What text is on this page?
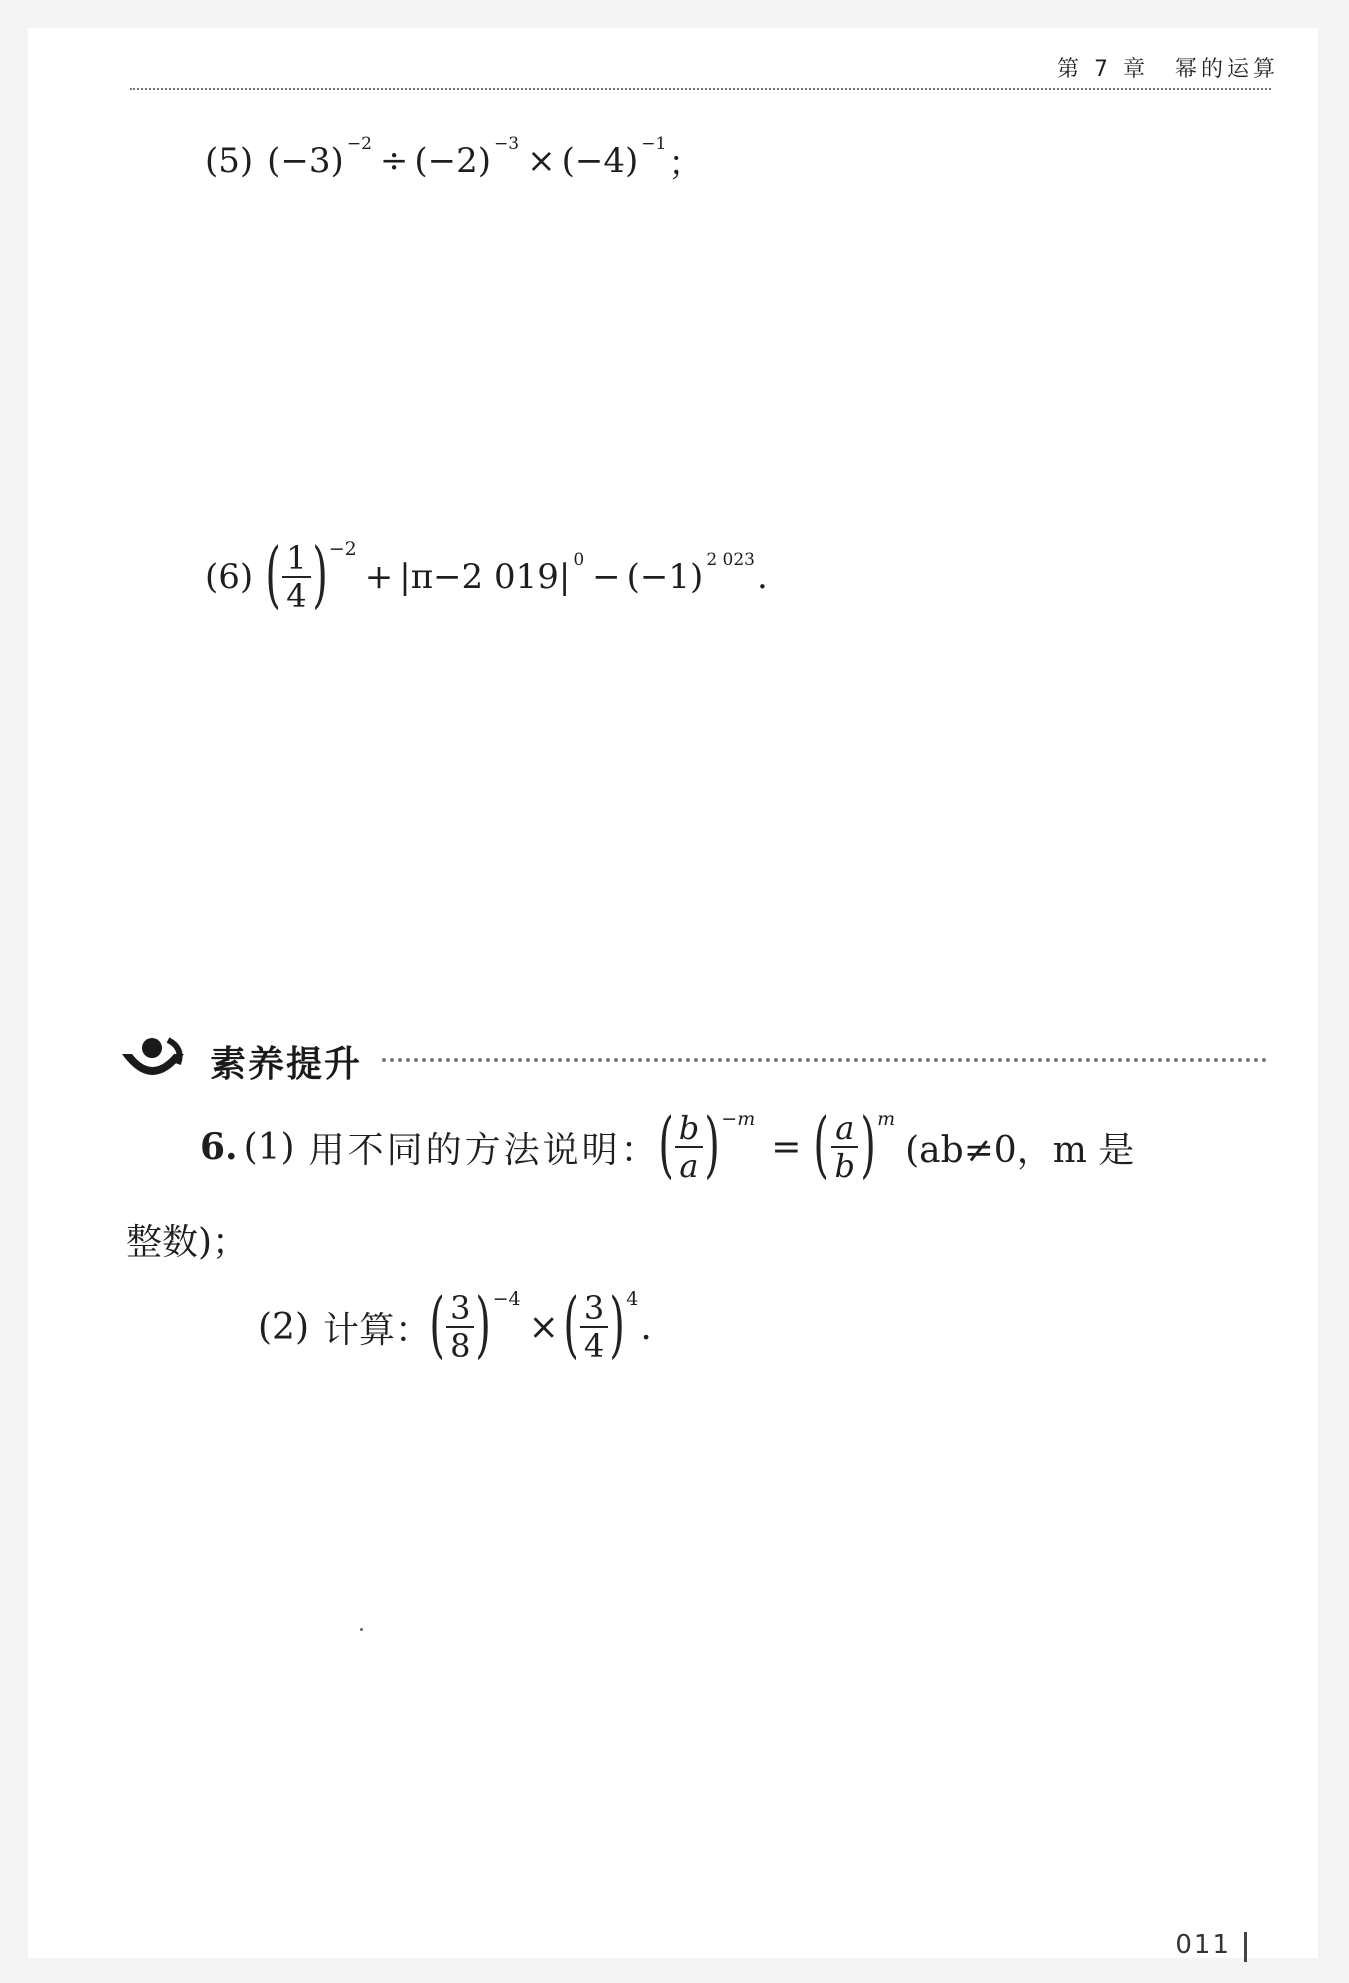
第 7 章 幂的运算
(5) (−3) −2 ÷ (−2) −3 × (−4) −1
；
(6) ( $\frac{1}{4}$ ) −2
+ |π−2 019| 0 − (−1) 2 023 .
素养提升
6. (1) 用不同的方法说明：
( $\frac{b}{a}$ ) −m
= ( $\frac{a}{b}$ ) m
(ab≠0，m 是
整数)；
(2) 计算：
( $\frac{3}{8}$ ) −4
× ( $\frac{3}{4}$ ) 4
.
011
